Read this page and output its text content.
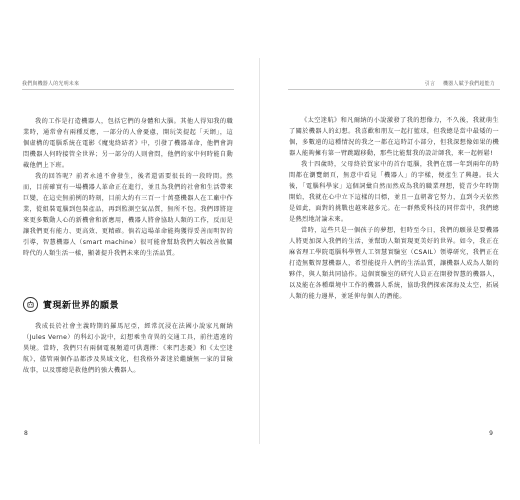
我們與機器人的光明未來

我的工作是打造機器人，包括它們的身體和大腦。其他人得知我的職業時，通常會有兩種反應，一部分的人會憂慮，開玩笑提起「天網」，這個虛構的電腦系統在電影《魔鬼終結者》中，引發了機器革命，他們會詢問機器人何時接管全世界；另一部分的人則會問，他們的家中何時能自動載他們上下班。

我的回答呢？前者永遠不會發生，後者還需要很長的一段時間。然而，目前確實有一場機器人革命正在進行，並且為我們的社會和生活帶來巨變，在這史無前例的時刻，目前大約有三百一十萬臺機器人在工廠中作業，從組裝電腦到包裝產品，再到監測空氣品質，無所不包。我們即將迎來更多數動人心的新機會和新應用，機器人將會協助人類的工作，反而是讓我們更有能力、更高效、更精確。倘若這場革命能夠獲得妥善而明智的引導，智慧機器人（smart machine）很可能會幫助我們大幅改善攸關時代的人類生活一樣，顯著提升我們未來的生活品質。

實現新世界的願景

我成長於社會主義時期的羅馬尼亞，經常沉浸在法國小說家凡爾納（Jules Verne）的科幻小說中，幻想乘坐奇異的交通工具，前往遙遠的異境。當時，我們只有兩個電視頻道可供選擇：《來門悲憂》和《太空迷航》，儘管兩個作品都涉及異域文化，但我格外著迷於繼續無一家的冒險故事，以及那總是救他們的強大機器人。

8
引言 機器人賦予我們超能力

《太空迷航》和凡爾納的小說激發了我的想像力，不久後，我就萌生了關於機器人的幻想。我喜歡和朋友一起打籃球，但我總是當中最矮的一個，多數遠的這種情況的我之一都在這時訂小部分，但我深想像如果的機器人能夠擁有第一臂跳躍移動，那些比能幫我的設計師我，來一起輕鬆!

我十四歲時，父母終於買家中的首台電腦，我們在那一年到兩年的時間都在瀏覽網頁，無意中看見「機器人」的字樣，便產生了興趣。長大後，「電腦科學家」這個詞彙自然而然成為我的職業理想，從青少年時期開始，我就在心中立下這樣的目標，並且一直朝著它努力，直到今天依然是如此，面對的挑戰也越來越多元。在一群熱愛科技的同伴當中，我們總是熱烈地討論未來。

當時，這些只是一個孩子的夢想，但時至今日，我們的願景是要機器人將更加深入我們的生活，並幫助人類實現更美好的世界。如今，我正在麻省理工學院電腦科學暨人工智慧實驗室（CSAIL）領導研究，我們正在打造無數智慧機器人，希望能提升人們的生活品質，讓機器人成為人類的夥伴，與人類共同協作。這個實驗室的研究人員正在開發智慧的機器人，以及能在各種環境中工作的機器人系統，協助我們探索深海及太空，拓展人類的能力邊界，並延伸每個人的潛能。

9
